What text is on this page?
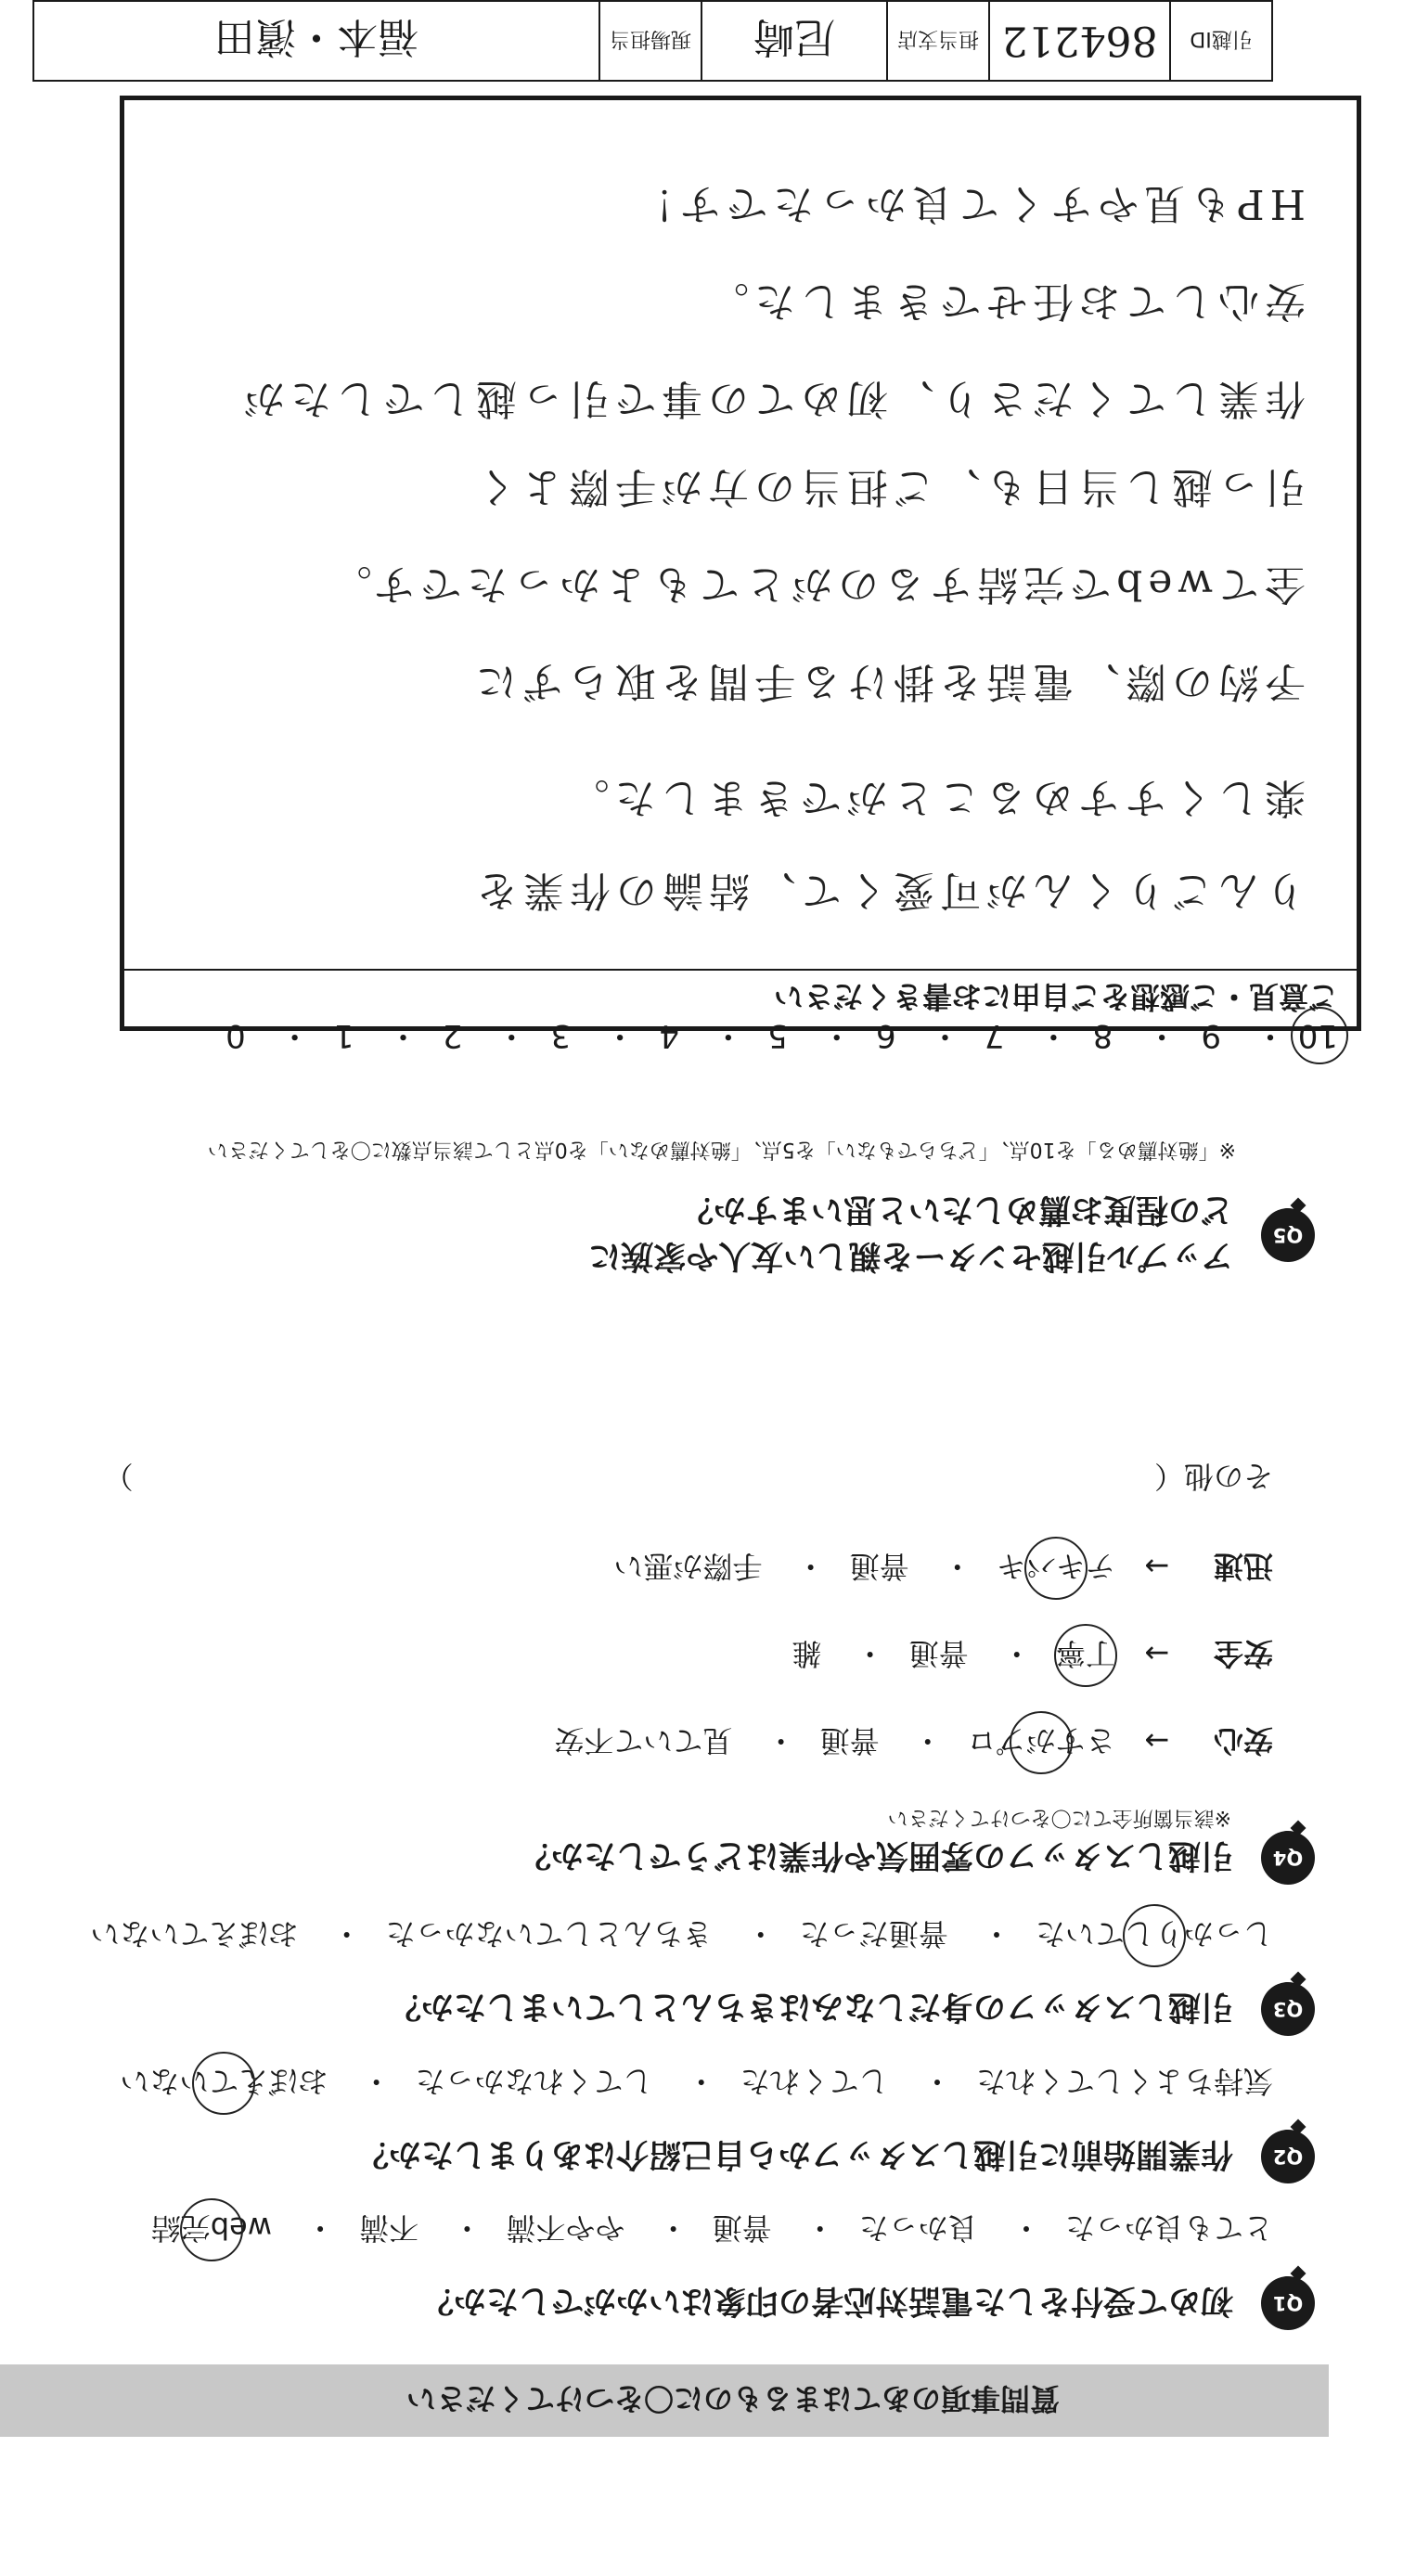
質問事項のあてはまるものに〇をつけてください
Q1
初めて受付をした電話対応者の印象はいかがでしたか？
とても良かった・ 良かった・ 普通・ やや不満・ 不満・ web完結
Q2
作業開始前に引越しスタッフから自己紹介はありましたか？
気持ちよくしてくれた・ してくれた・ してくれなかった・ おぼえていない
Q3
引越しスタッフの身だしなみはきちんとしていましたか？
しっかりしていた・ 普通だった・ きちんとしていなかった・ おぼえていない
Q4
引越しスタッフの雰囲気や作業はどうでしたか？
※該当箇所全てに〇をつけてください
安心→ さすがプロ・ 普通・ 見ていて不安
安全→ 丁寧・ 普通・ 雑
迅速→ テキパキ・ 普通・ 手際が悪い
その他（  ）
Q5
アップル引越センターを親しい友人や家族に
どの程度お薦めしたいと思いますか？
※「絶対薦める」を10点、「どちらでもない」を5点、「絶対薦めない」を0点として該当点数に〇をしてください
10・ 9・ 8・ 7・ 6・ 5・ 4・ 3・ 2・ 1・ 0
ご意見・ご感想をご自由にお書きください
りんごりくんが可愛くて、結論の作業を
楽しくすすめることができました。
予約の際、電話を掛ける手間を取らずに
全てwebで完結するのがとてもよかったです。
引っ越し当日も、ご担当の方が手際よく
作業してくださり、初めての事で引っ越しでしたが
安心してお任せできました。
HPも見やすくて良かったです！
引越ID
864212
担当支店
尼崎
現場担当
福本・濱田
